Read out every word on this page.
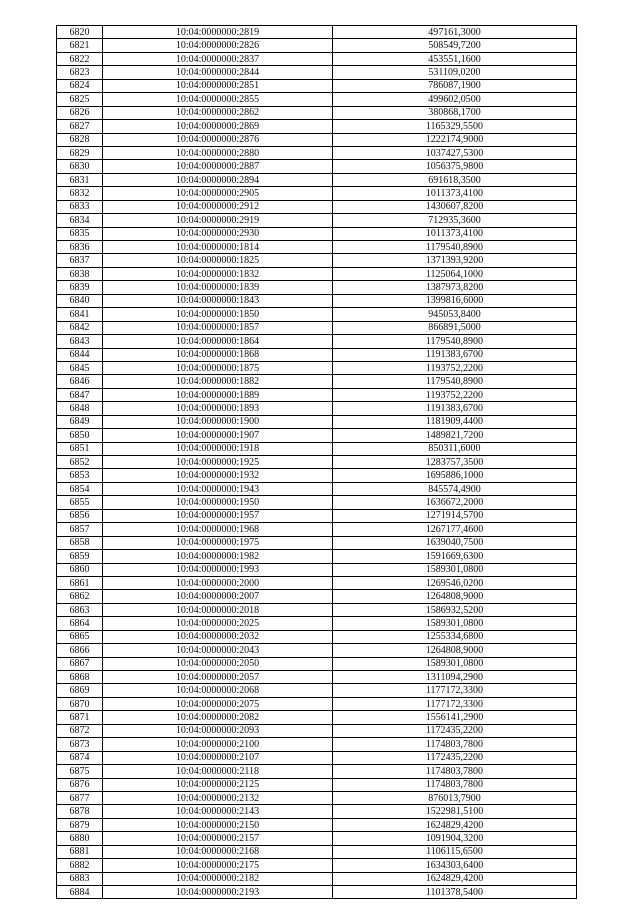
6820	10:04:0000000:2819	497161,3000
6821	10:04:0000000:2826	508549,7200
6822	10:04:0000000:2837	453551,1600
6823	10:04:0000000:2844	531109,0200
6824	10:04:0000000:2851	786087,1900
6825	10:04:0000000:2855	499602,0500
6826	10:04:0000000:2862	380868,1700
6827	10:04:0000000:2869	1165329,5500
6828	10:04:0000000:2876	1222174,9000
6829	10:04:0000000:2880	1037427,5300
6830	10:04:0000000:2887	1056375,9800
6831	10:04:0000000:2894	691618,3500
6832	10:04:0000000:2905	1011373,4100
6833	10:04:0000000:2912	1430607,8200
6834	10:04:0000000:2919	712935,3600
6835	10:04:0000000:2930	1011373,4100
6836	10:04:0000000:1814	1179540,8900
6837	10:04:0000000:1825	1371393,9200
6838	10:04:0000000:1832	1125064,1000
6839	10:04:0000000:1839	1387973,8200
6840	10:04:0000000:1843	1399816,6000
6841	10:04:0000000:1850	945053,8400
6842	10:04:0000000:1857	866891,5000
6843	10:04:0000000:1864	1179540,8900
6844	10:04:0000000:1868	1191383,6700
6845	10:04:0000000:1875	1193752,2200
6846	10:04:0000000:1882	1179540,8900
6847	10:04:0000000:1889	1193752,2200
6848	10:04:0000000:1893	1191383,6700
6849	10:04:0000000:1900	1181909,4400
6850	10:04:0000000:1907	1489821,7200
6851	10:04:0000000:1918	850311,6000
6852	10:04:0000000:1925	1283757,3500
6853	10:04:0000000:1932	1695886,1000
6854	10:04:0000000:1943	845574,4900
6855	10:04:0000000:1950	1636672,2000
6856	10:04:0000000:1957	1271914,5700
6857	10:04:0000000:1968	1267177,4600
6858	10:04:0000000:1975	1639040,7500
6859	10:04:0000000:1982	1591669,6300
6860	10:04:0000000:1993	1589301,0800
6861	10:04:0000000:2000	1269546,0200
6862	10:04:0000000:2007	1264808,9000
6863	10:04:0000000:2018	1586932,5200
6864	10:04:0000000:2025	1589301,0800
6865	10:04:0000000:2032	1255334,6800
6866	10:04:0000000:2043	1264808,9000
6867	10:04:0000000:2050	1589301,0800
6868	10:04:0000000:2057	1311094,2900
6869	10:04:0000000:2068	1177172,3300
6870	10:04:0000000:2075	1177172,3300
6871	10:04:0000000:2082	1556141,2900
6872	10:04:0000000:2093	1172435,2200
6873	10:04:0000000:2100	1174803,7800
6874	10:04:0000000:2107	1172435,2200
6875	10:04:0000000:2118	1174803,7800
6876	10:04:0000000:2125	1174803,7800
6877	10:04:0000000:2132	876013,7900
6878	10:04:0000000:2143	1522981,5100
6879	10:04:0000000:2150	1624829,4200
6880	10:04:0000000:2157	1091904,3200
6881	10:04:0000000:2168	1106115,6500
6882	10:04:0000000:2175	1634303,6400
6883	10:04:0000000:2182	1624829,4200
6884	10:04:0000000:2193	1101378,5400
